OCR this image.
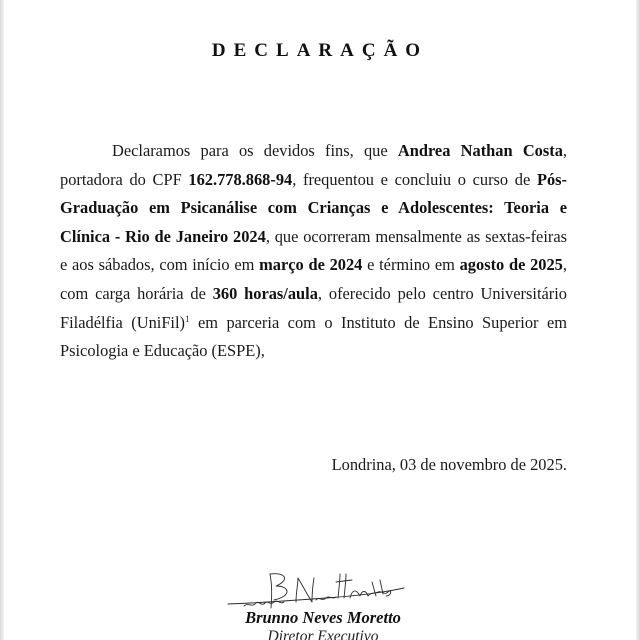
DECLARAÇÃO
Declaramos para os devidos fins, que Andrea Nathan Costa, portadora do CPF 162.778.868-94, frequentou e concluiu o curso de Pós-Graduação em Psicanálise com Crianças e Adolescentes: Teoria e Clínica - Rio de Janeiro 2024, que ocorreram mensalmente as sextas-feiras e aos sábados, com início em março de 2024 e término em agosto de 2025, com carga horária de 360 horas/aula, oferecido pelo centro Universitário Filadélfia (UniFil)$^1$ em parceria com o Instituto de Ensino Superior em Psicologia e Educação (ESPE),
Londrina, 03 de novembro de 2025.
Brunno Neves Moretto
Diretor Executivo
